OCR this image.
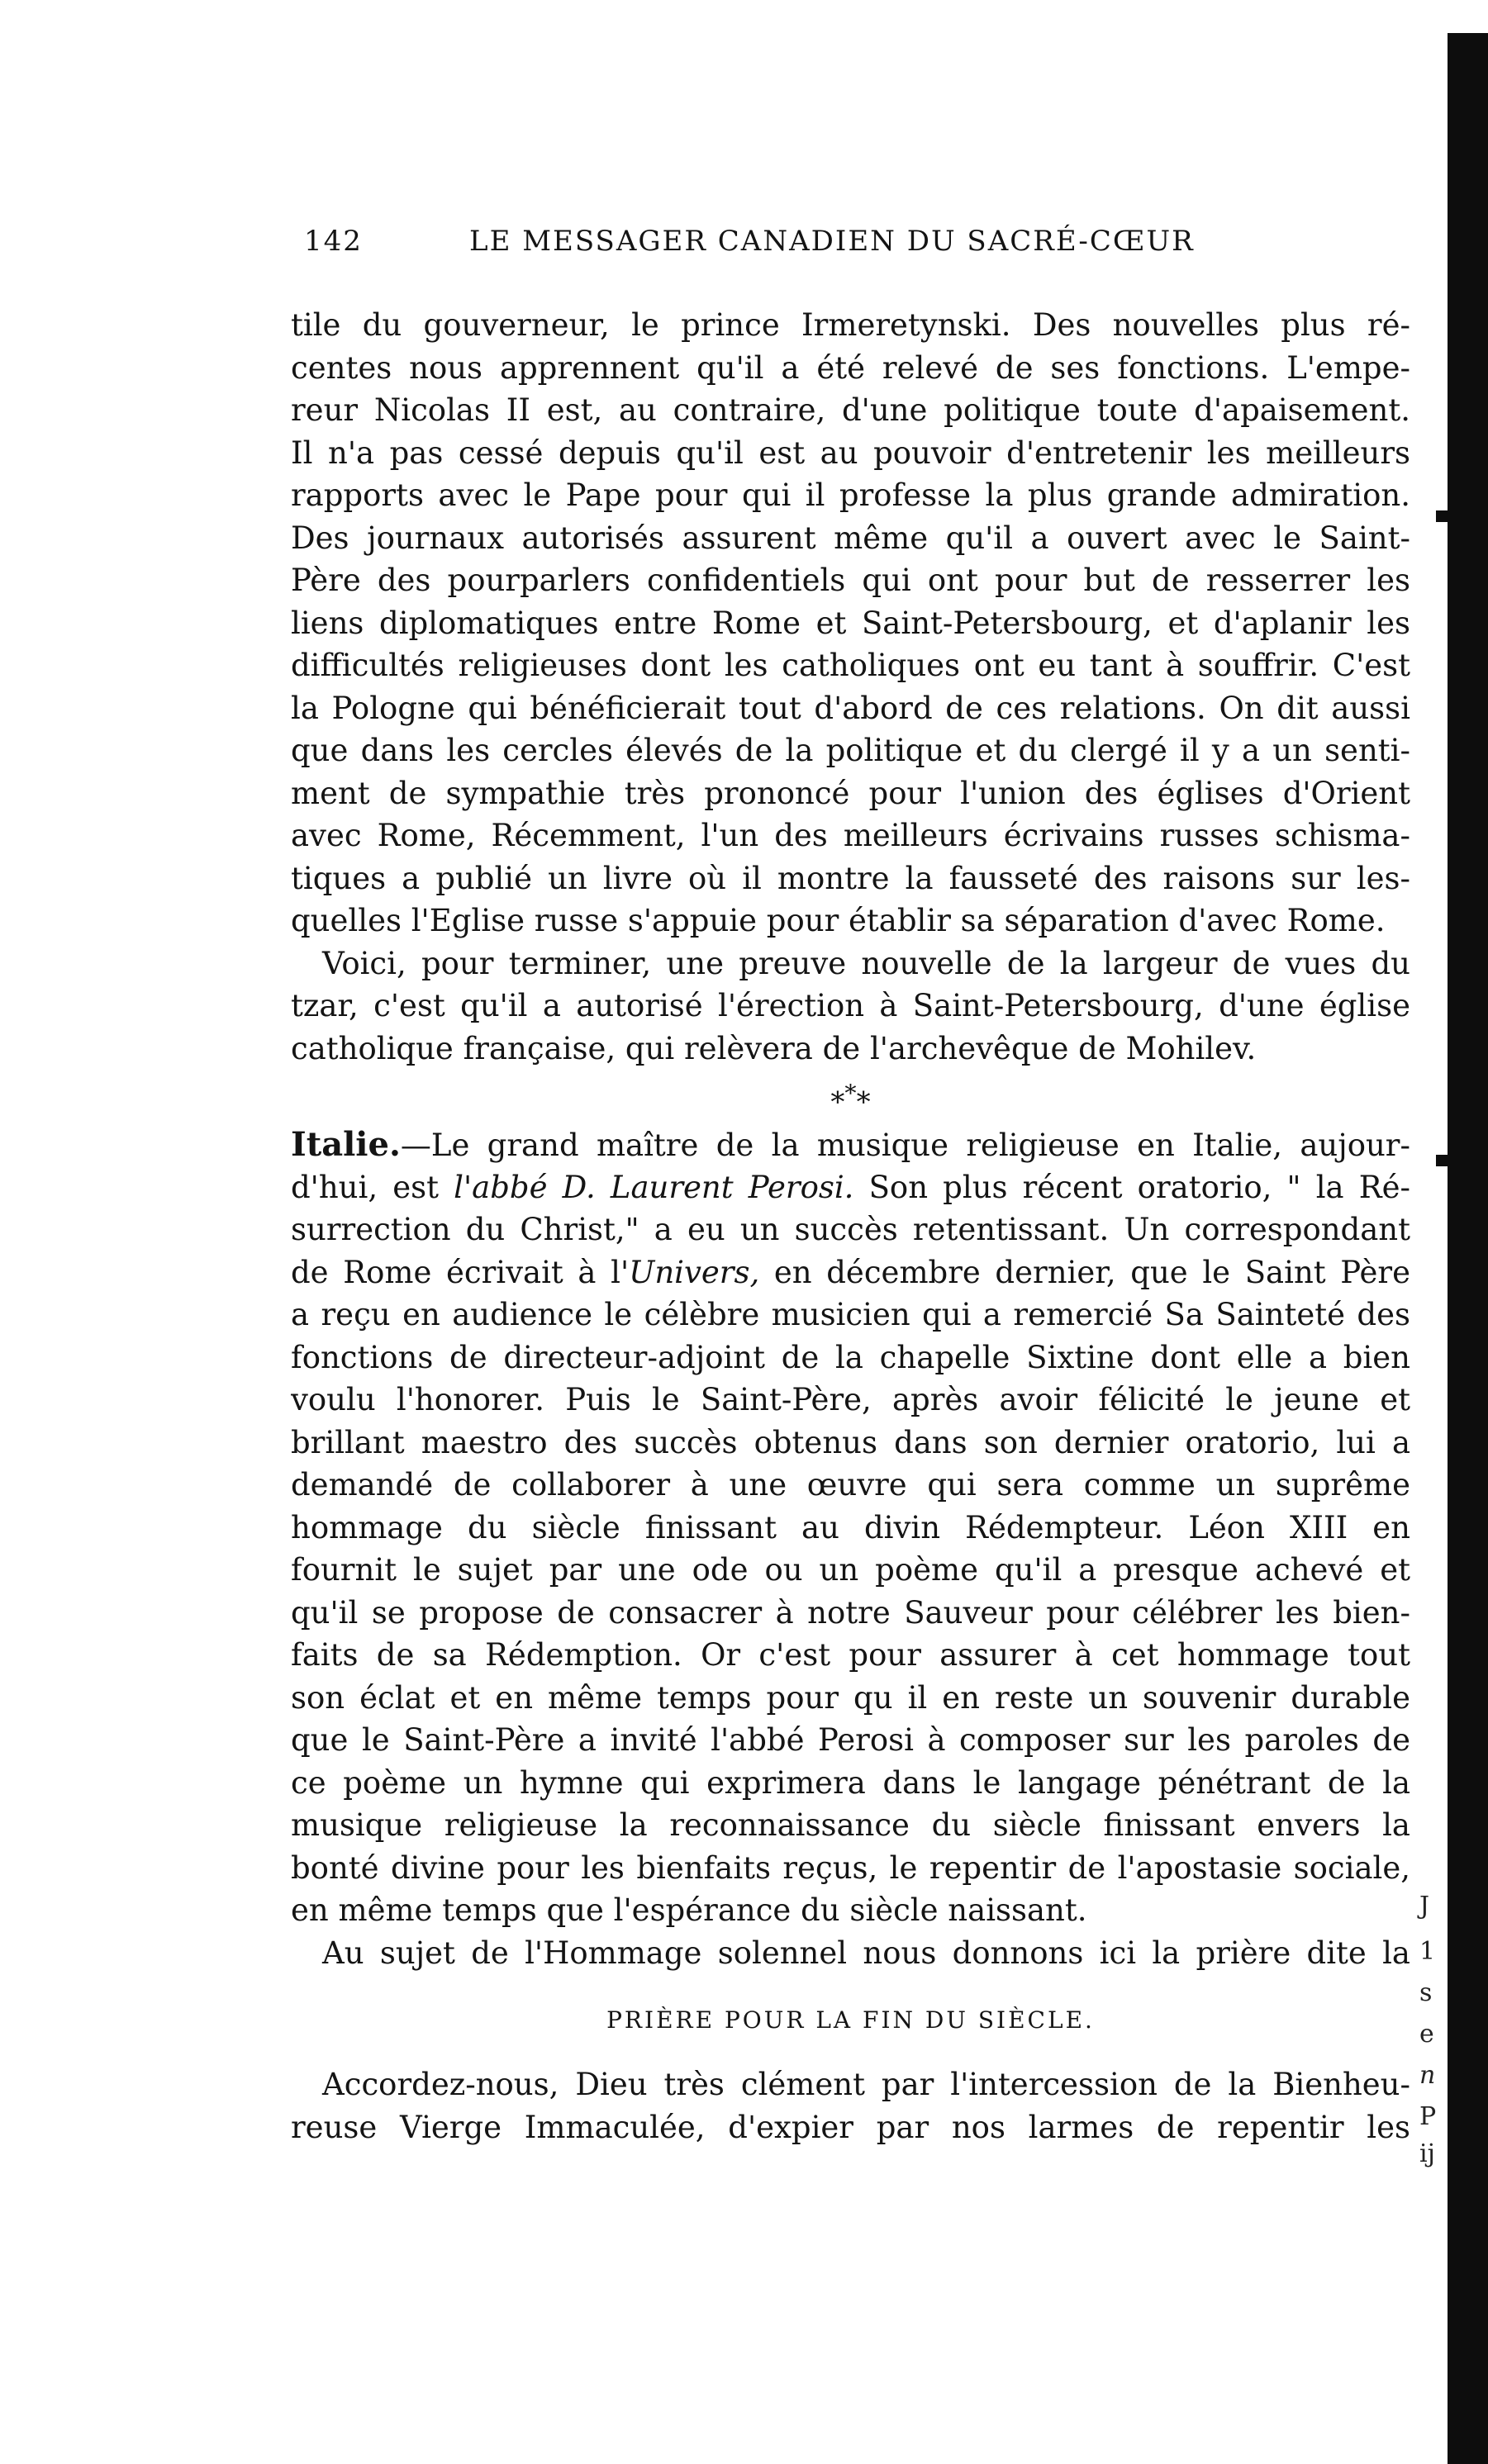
J
1
s
e
n
P
ij
142	LE MESSAGER CANADIEN DU SACRÉ-CŒUR
tile du gouverneur, le prince Irmeretynski. Des nouvelles plus ré-
centes nous apprennent qu'il a été relevé de ses fonctions. L'empe-
reur Nicolas II est, au contraire, d'une politique toute d'apaisement.
Il n'a pas cessé depuis qu'il est au pouvoir d'entretenir les meilleurs
rapports avec le Pape pour qui il professe la plus grande admiration.
Des journaux autorisés assurent même qu'il a ouvert avec le Saint-
Père des pourparlers confidentiels qui ont pour but de resserrer les
liens diplomatiques entre Rome et Saint-Petersbourg, et d'aplanir les
difficultés religieuses dont les catholiques ont eu tant à souffrir. C'est
la Pologne qui bénéficierait tout d'abord de ces relations. On dit aussi
que dans les cercles élevés de la politique et du clergé il y a un senti-
ment de sympathie très prononcé pour l'union des églises d'Orient
avec Rome, Récemment, l'un des meilleurs écrivains russes schisma-
tiques a publié un livre où il montre la fausseté des raisons sur les-
quelles l'Eglise russe s'appuie pour établir sa séparation d'avec Rome.
Voici, pour terminer, une preuve nouvelle de la largeur de vues du
tzar, c'est qu'il a autorisé l'érection à Saint-Petersbourg, d'une église
catholique française, qui relèvera de l'archevêque de Mohilev.
***
Italie.—Le grand maître de la musique religieuse en Italie, aujour-
d'hui, est l'abbé D. Laurent Perosi. Son plus récent oratorio, " la Ré-
surrection du Christ," a eu un succès retentissant. Un correspondant
de Rome écrivait à l'Univers, en décembre dernier, que le Saint Père
a reçu en audience le célèbre musicien qui a remercié Sa Sainteté des
fonctions de directeur-adjoint de la chapelle Sixtine dont elle a bien
voulu l'honorer. Puis le Saint-Père, après avoir félicité le jeune et
brillant maestro des succès obtenus dans son dernier oratorio, lui a
demandé de collaborer à une œuvre qui sera comme un suprême
hommage du siècle finissant au divin Rédempteur. Léon XIII en
fournit le sujet par une ode ou un poème qu'il a presque achevé et
qu'il se propose de consacrer à notre Sauveur pour célébrer les bien-
faits de sa Rédemption. Or c'est pour assurer à cet hommage tout
son éclat et en même temps pour qu il en reste un souvenir durable
que le Saint-Père a invité l'abbé Perosi à composer sur les paroles de
ce poème un hymne qui exprimera dans le langage pénétrant de la
musique religieuse la reconnaissance du siècle finissant envers la
bonté divine pour les bienfaits reçus, le repentir de l'apostasie sociale,
en même temps que l'espérance du siècle naissant.
Au sujet de l'Hommage solennel nous donnons ici la prière dite la
PRIÈRE POUR LA FIN DU SIÈCLE.
Accordez-nous, Dieu très clément par l'intercession de la Bienheu-
reuse Vierge Immaculée, d'expier par nos larmes de repentir les
